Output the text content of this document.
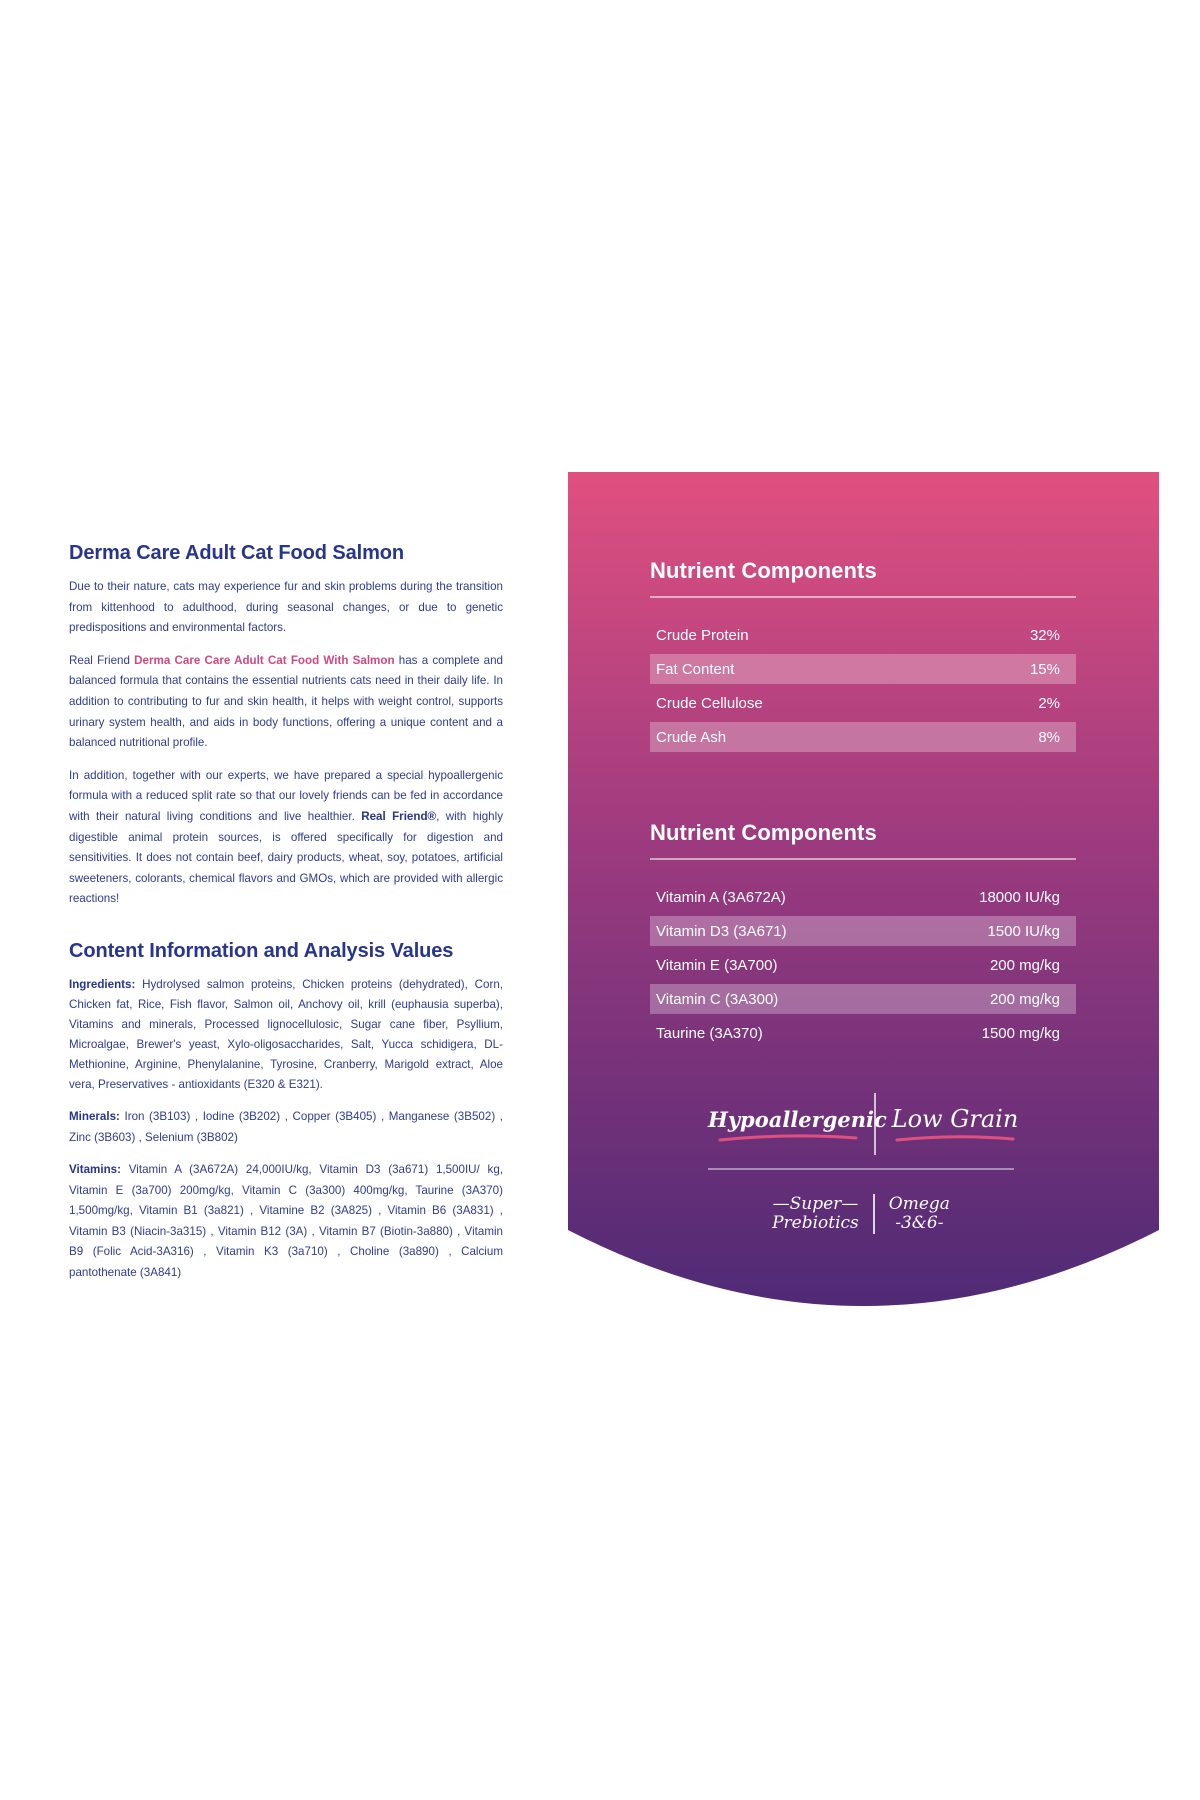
Derma Care Adult Cat Food Salmon

Due to their nature, cats may experience fur and skin problems during the transition from kittenhood to adulthood, during seasonal changes, or due to genetic predispositions and environmental factors.

Real Friend Derma Care Care Adult Cat Food With Salmon has a complete and balanced formula that contains the essential nutrients cats need in their daily life. In addition to contributing to fur and skin health, it helps with weight control, supports urinary system health, and aids in body functions, offering a unique content and a balanced nutritional profile.

In addition, together with our experts, we have prepared a special hypoallergenic formula with a reduced split rate so that our lovely friends can be fed in accordance with their natural living conditions and live healthier. Real Friend®, with highly digestible animal protein sources, is offered specifically for digestion and sensitivities. It does not contain beef, dairy products, wheat, soy, potatoes, artificial sweeteners, colorants, chemical flavors and GMOs, which are provided with allergic reactions!

Content Information and Analysis Values

Ingredients: Hydrolysed salmon proteins, Chicken proteins (dehydrated), Corn, Chicken fat, Rice, Fish flavor, Salmon oil, Anchovy oil, krill (euphausia superba), Vitamins and minerals, Processed lignocellulosic, Sugar cane fiber, Psyllium, Microalgae, Brewer's yeast, Xylo-oligosaccharides, Salt, Yucca schidigera, DL- Methionine, Arginine, Phenylalanine, Tyrosine, Cranberry, Marigold extract, Aloe vera, Preservatives - antioxidants (E320 & E321).

Minerals: Iron (3B103) , Iodine (3B202) , Copper (3B405) , Manganese (3B502) , Zinc (3B603) , Selenium (3B802)

Vitamins: Vitamin A (3A672A) 24,000IU/kg, Vitamin D3 (3a671) 1,500IU/ kg, Vitamin E (3a700) 200mg/kg, Vitamin C (3a300) 400mg/kg, Taurine (3A370) 1,500mg/kg, Vitamin B1 (3a821) , Vitamine B2 (3A825) , Vitamin B6 (3A831) , Vitamin B3 (Niacin-3a315) , Vitamin B12 (3A) , Vitamin B7 (Biotin-3a880) , Vitamin B9 (Folic Acid-3A316) , Vitamin K3 (3a710) , Choline (3a890) , Calcium pantothenate (3A841)

Nutrient Components
Crude Protein	32%
Fat Content	15%
Crude Cellulose	2%
Crude Ash	8%
Nutrient Components
Vitamin A (3A672A)	18000 IU/kg
Vitamin D3 (3A671)	1500 IU/kg
Vitamin E (3A700)	200 mg/kg
Vitamin C (3A300)	200 mg/kg
Taurine (3A370)	1500 mg/kg
Hypoallergenic Low Grain
—Super—
Prebiotics
Omega
-3&6-
